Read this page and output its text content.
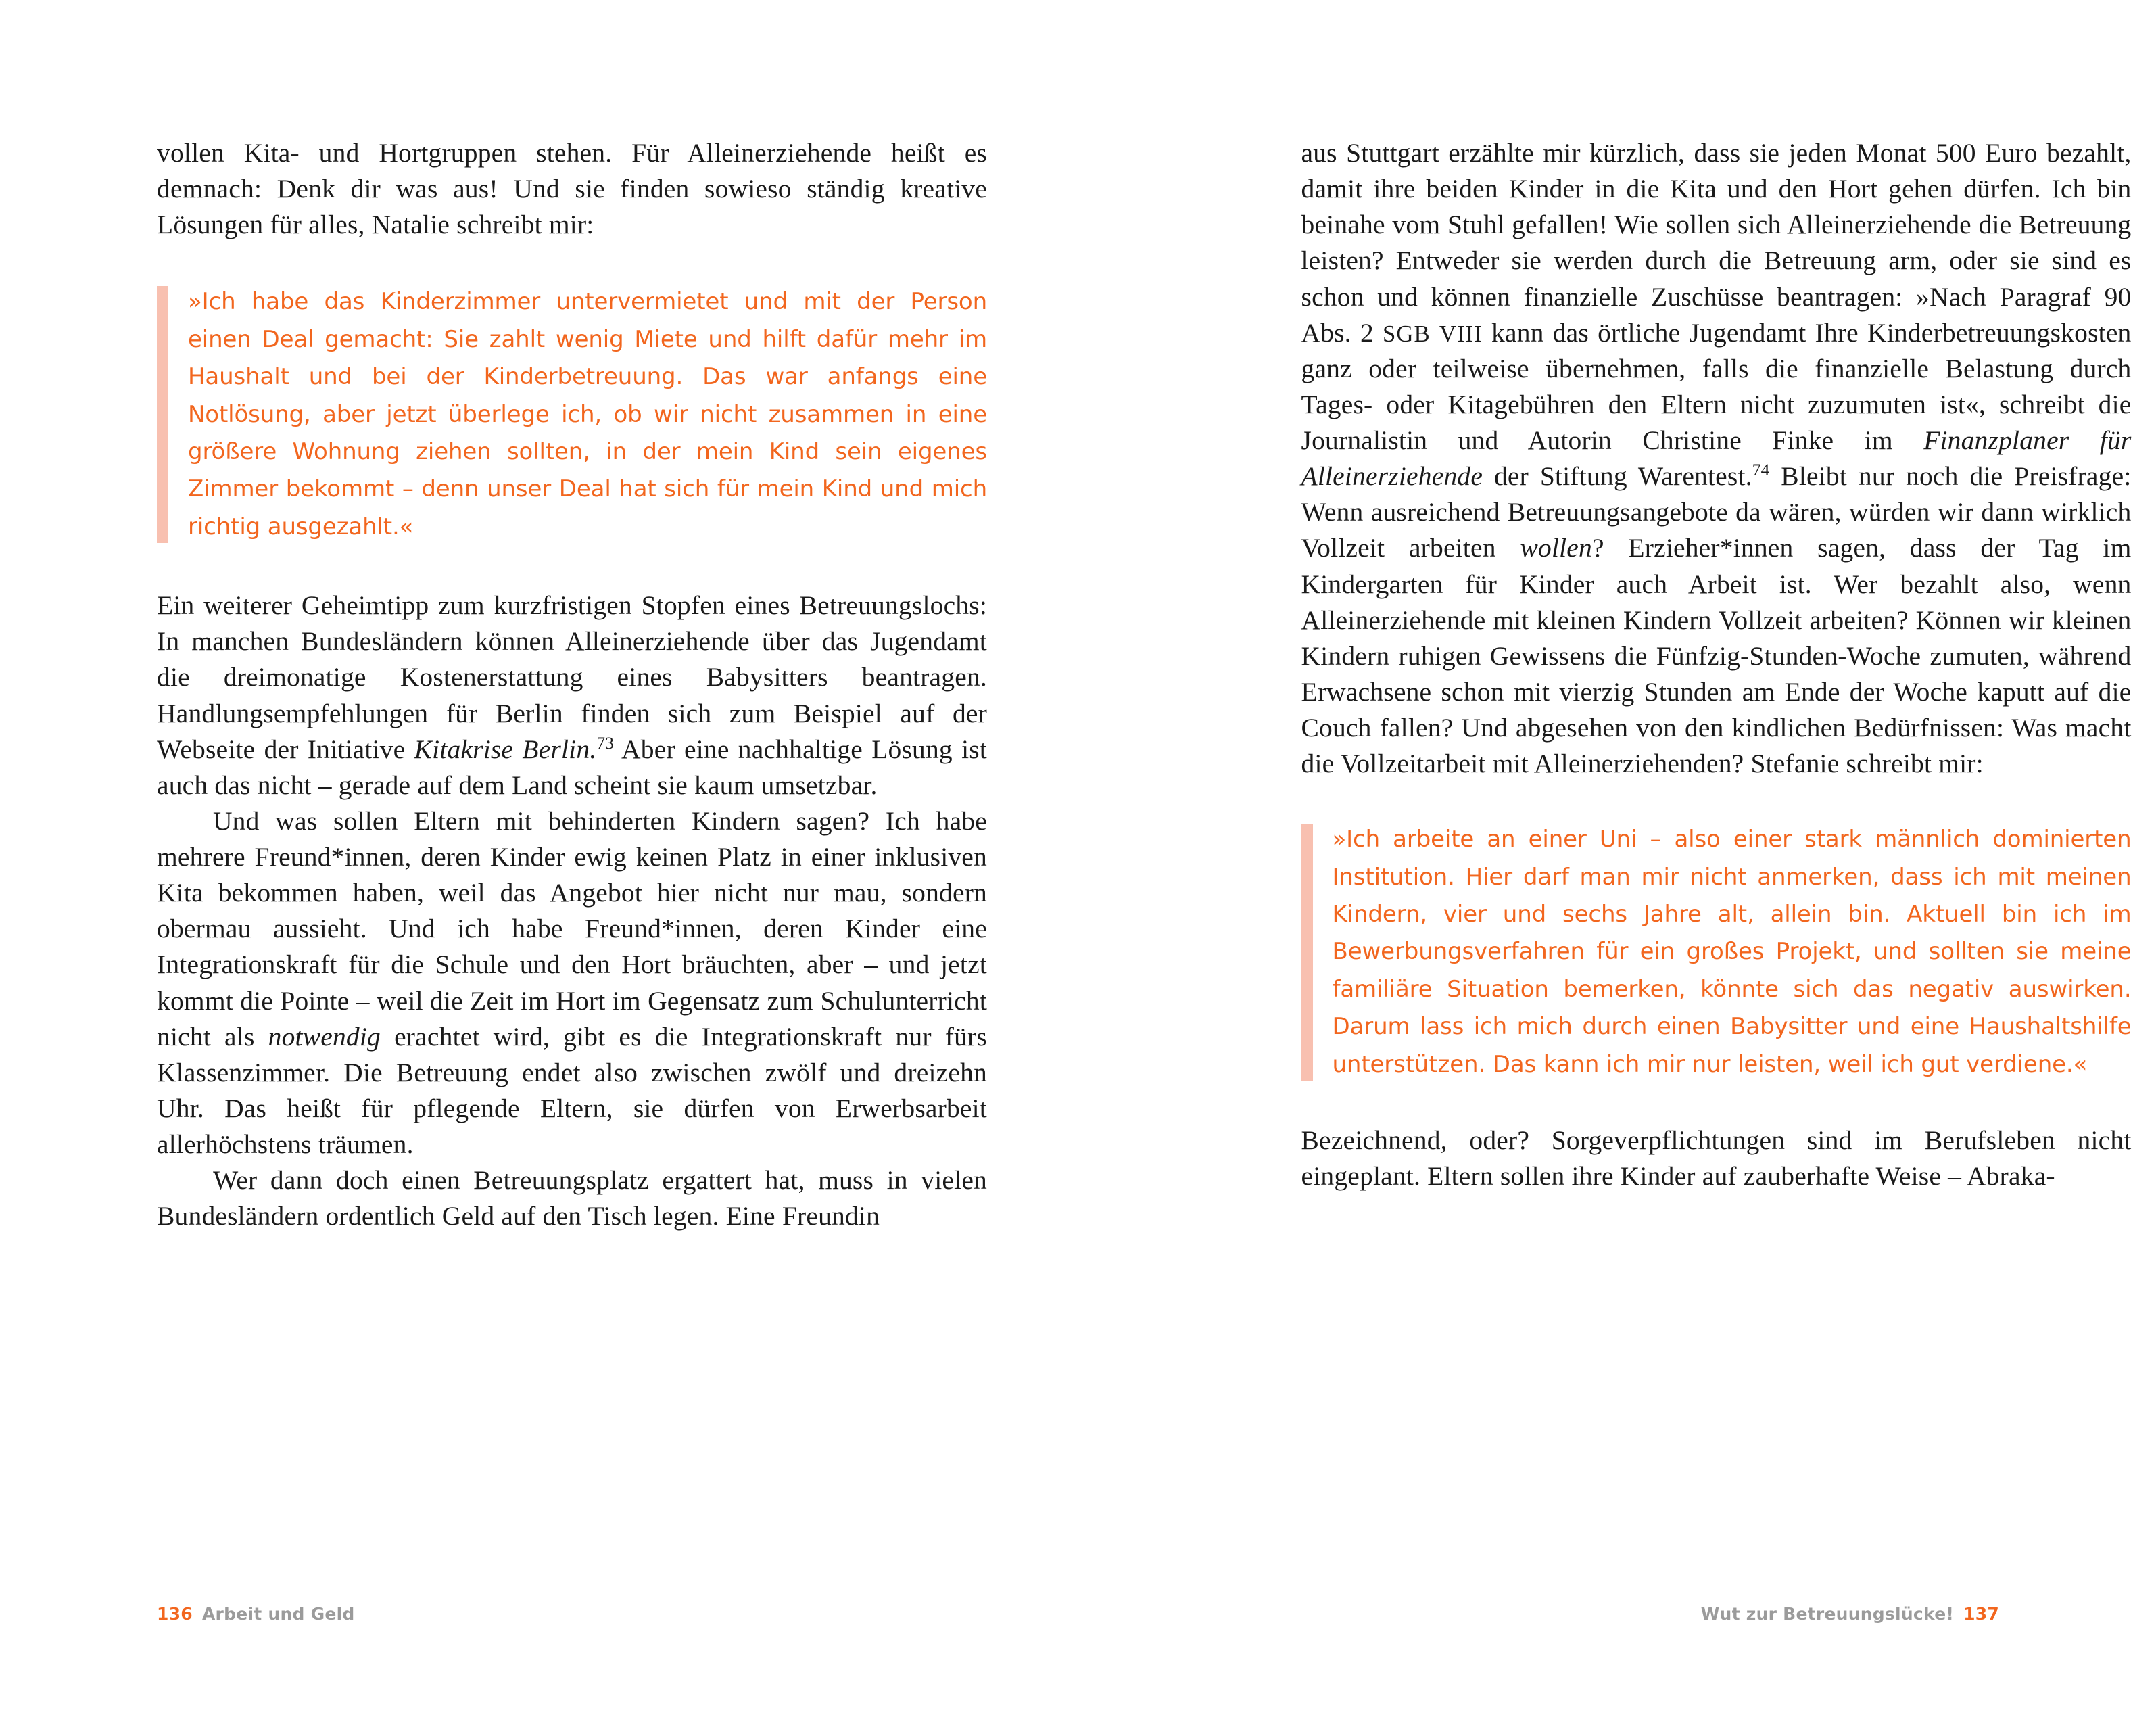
vollen Kita- und Hortgruppen stehen. Für Alleinerziehende heißt es demnach: Denk dir was aus! Und sie finden sowieso ständig kreative Lösungen für alles, Natalie schreibt mir:

»Ich habe das Kinderzimmer untervermietet und mit der Person einen Deal gemacht: Sie zahlt wenig Miete und hilft dafür mehr im Haushalt und bei der Kinderbetreuung. Das war anfangs eine Notlösung, aber jetzt überlege ich, ob wir nicht zusammen in eine größere Wohnung ziehen sollten, in der mein Kind sein eigenes Zimmer bekommt – denn unser Deal hat sich für mein Kind und mich richtig ausgezahlt.«

Ein weiterer Geheimtipp zum kurzfristigen Stopfen eines Betreuungslochs: In manchen Bundesländern können Alleinerziehende über das Jugendamt die dreimonatige Kostenerstattung eines Babysitters beantragen. Handlungsempfehlungen für Berlin finden sich zum Beispiel auf der Webseite der Initiative Kitakrise Berlin.$^{73}$ Aber eine nachhaltige Lösung ist auch das nicht – gerade auf dem Land scheint sie kaum umsetzbar.

Und was sollen Eltern mit behinderten Kindern sagen? Ich habe mehrere Freund*innen, deren Kinder ewig keinen Platz in einer inklusiven Kita bekommen haben, weil das Angebot hier nicht nur mau, sondern obermau aussieht. Und ich habe Freund*innen, deren Kinder eine Integrationskraft für die Schule und den Hort bräuchten, aber – und jetzt kommt die Pointe – weil die Zeit im Hort im Gegensatz zum Schulunterricht nicht als notwendig erachtet wird, gibt es die Integrationskraft nur fürs Klassenzimmer. Die Betreuung endet also zwischen zwölf und dreizehn Uhr. Das heißt für pflegende Eltern, sie dürfen von Erwerbsarbeit allerhöchstens träumen.

Wer dann doch einen Betreuungsplatz ergattert hat, muss in vielen Bundesländern ordentlich Geld auf den Tisch legen. Eine Freundin

136 Arbeit und Geld

aus Stuttgart erzählte mir kürzlich, dass sie jeden Monat 500 Euro bezahlt, damit ihre beiden Kinder in die Kita und den Hort gehen dürfen. Ich bin beinahe vom Stuhl gefallen! Wie sollen sich Alleinerziehende die Betreuung leisten? Entweder sie werden durch die Betreuung arm, oder sie sind es schon und können finanzielle Zuschüsse beantragen: »Nach Paragraf 90 Abs. 2 SGB VIII kann das örtliche Jugendamt Ihre Kinderbetreuungskosten ganz oder teilweise übernehmen, falls die finanzielle Belastung durch Tages- oder Kitagebühren den Eltern nicht zuzumuten ist«, schreibt die Journalistin und Autorin Christine Finke im Finanzplaner für Alleinerziehende der Stiftung Warentest.$^{74}$ Bleibt nur noch die Preisfrage: Wenn ausreichend Betreuungsangebote da wären, würden wir dann wirklich Vollzeit arbeiten wollen? Erzieher*innen sagen, dass der Tag im Kindergarten für Kinder auch Arbeit ist. Wer bezahlt also, wenn Alleinerziehende mit kleinen Kindern Vollzeit arbeiten? Können wir kleinen Kindern ruhigen Gewissens die Fünfzig-Stunden-Woche zumuten, während Erwachsene schon mit vierzig Stunden am Ende der Woche kaputt auf die Couch fallen? Und abgesehen von den kindlichen Bedürfnissen: Was macht die Vollzeitarbeit mit Alleinerziehenden? Stefanie schreibt mir:

»Ich arbeite an einer Uni – also einer stark männlich dominierten Institution. Hier darf man mir nicht anmerken, dass ich mit meinen Kindern, vier und sechs Jahre alt, allein bin. Aktuell bin ich im Bewerbungsverfahren für ein großes Projekt, und sollten sie meine familiäre Situation bemerken, könnte sich das negativ auswirken. Darum lass ich mich durch einen Babysitter und eine Haushaltshilfe unterstützen. Das kann ich mir nur leisten, weil ich gut verdiene.«

Bezeichnend, oder? Sorgeverpflichtungen sind im Berufsleben nicht eingeplant. Eltern sollen ihre Kinder auf zauberhafte Weise – Abraka-

Wut zur Betreuungslücke! 137
